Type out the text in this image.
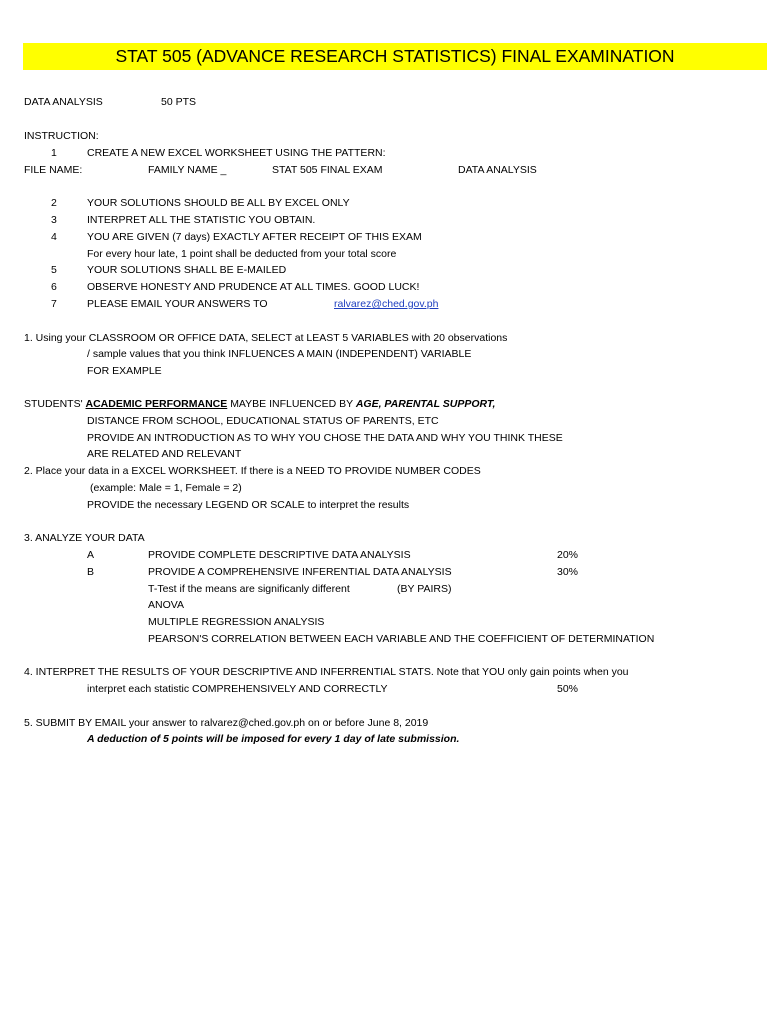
STAT 505 (ADVANCE RESEARCH STATISTICS) FINAL EXAMINATION
DATA ANALYSIS	50 PTS
INSTRUCTION:
1	CREATE A NEW EXCEL WORKSHEET USING THE PATTERN:
FILE NAME:	FAMILY NAME _	STAT 505 FINAL EXAM	DATA ANALYSIS
2	YOUR SOLUTIONS SHOULD BE ALL BY EXCEL ONLY
3	INTERPRET ALL THE STATISTIC YOU OBTAIN.
4	YOU ARE GIVEN (7 days) EXACTLY AFTER RECEIPT OF THIS EXAM
For every hour late, 1 point shall be deducted from your total score
5	YOUR SOLUTIONS SHALL BE E-MAILED
6	OBSERVE HONESTY AND PRUDENCE AT ALL TIMES. GOOD LUCK!
7	PLEASE EMAIL YOUR ANSWERS TO	ralvarez@ched.gov.ph
1. Using your CLASSROOM OR OFFICE DATA, SELECT at LEAST 5 VARIABLES with 20 observations
/ sample values that you think INFLUENCES A MAIN (INDEPENDENT) VARIABLE
FOR EXAMPLE
STUDENTS' ACADEMIC PERFORMANCE MAYBE INFLUENCED BY AGE, PARENTAL SUPPORT,
DISTANCE FROM SCHOOL, EDUCATIONAL STATUS OF PARENTS, ETC
PROVIDE AN INTRODUCTION AS TO WHY YOU CHOSE THE DATA AND WHY YOU THINK THESE
ARE RELATED AND RELEVANT
2. Place your data in a EXCEL WORKSHEET. If there is a NEED TO PROVIDE NUMBER CODES
(example: Male = 1, Female = 2)
PROVIDE the necessary LEGEND OR SCALE to interpret the results
3. ANALYZE YOUR DATA
A	PROVIDE COMPLETE DESCRIPTIVE DATA ANALYSIS	20%
B	PROVIDE A COMPREHENSIVE INFERENTIAL DATA ANALYSIS	30%
T-Test if the means are significanly different	(BY PAIRS)
ANOVA
MULTIPLE REGRESSION ANALYSIS
PEARSON'S CORRELATION BETWEEN EACH VARIABLE AND THE COEFFICIENT OF DETERMINATION
4. INTERPRET THE RESULTS OF YOUR DESCRIPTIVE AND INFERRENTIAL STATS. Note that YOU only gain points when you
interpret each statistic COMPREHENSIVELY AND CORRECTLY	50%
5. SUBMIT BY EMAIL your answer to ralvarez@ched.gov.ph on or before June 8, 2019
A deduction of 5 points will be imposed for every 1 day of late submission.
